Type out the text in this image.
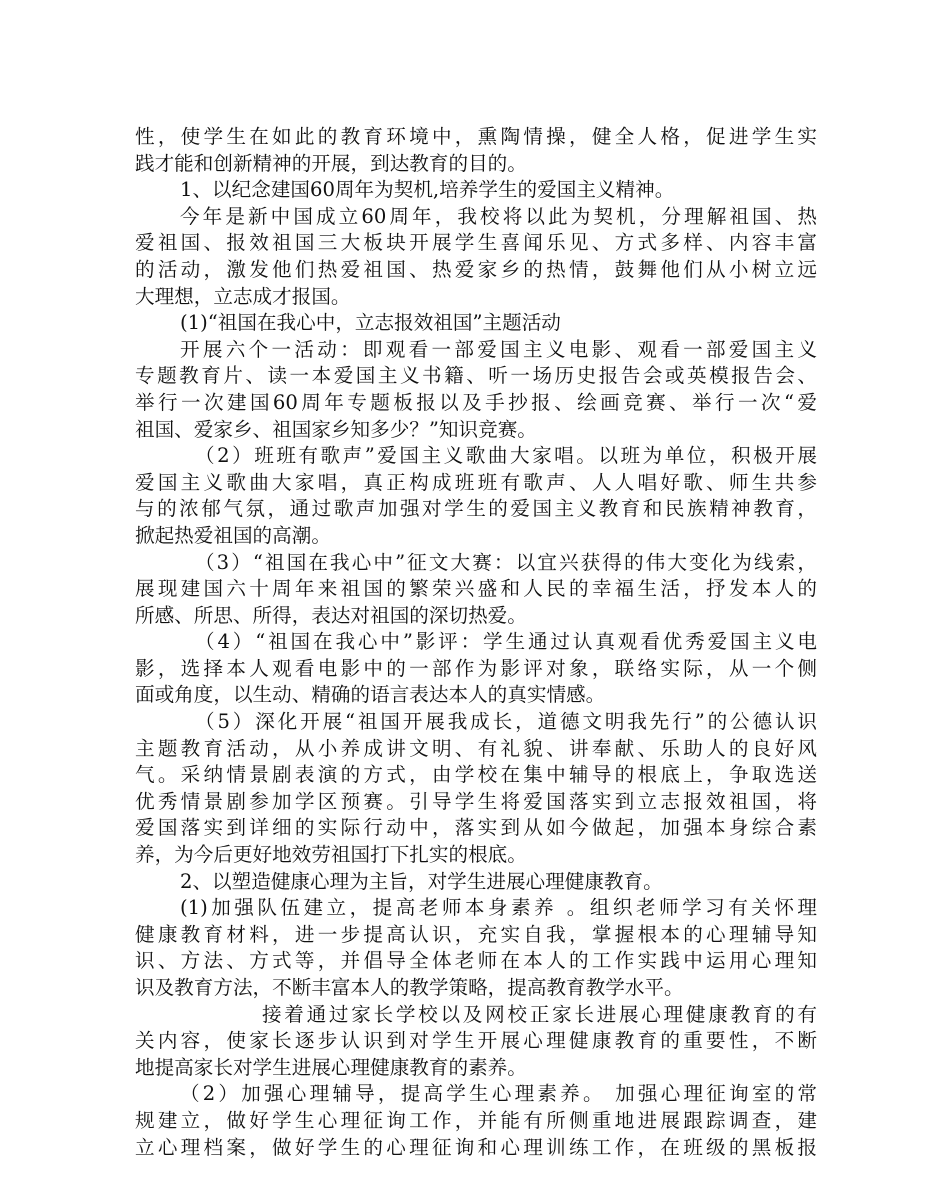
性，使学生在如此的教育环境中，熏陶情操，健全人格，促进学生实
践才能和创新精神的开展，到达教育的目的。
1、以纪念建国60周年为契机,培养学生的爱国主义精神。
今年是新中国成立60周年，我校将以此为契机，分理解祖国、热
爱祖国、报效祖国三大板块开展学生喜闻乐见、方式多样、内容丰富
的活动，激发他们热爱祖国、热爱家乡的热情，鼓舞他们从小树立远
大理想，立志成才报国。
(1)“祖国在我心中，立志报效祖国”主题活动
开展六个一活动：即观看一部爱国主义电影、观看一部爱国主义
专题教育片、读一本爱国主义书籍、听一场历史报告会或英模报告会、
举行一次建国60周年专题板报以及手抄报、绘画竞赛、举行一次“爱
祖国、爱家乡、祖国家乡知多少？”知识竞赛。
（2）班班有歌声”爱国主义歌曲大家唱。以班为单位，积极开展
爱国主义歌曲大家唱，真正构成班班有歌声、人人唱好歌、师生共参
与的浓郁气氛，通过歌声加强对学生的爱国主义教育和民族精神教育，
掀起热爱祖国的高潮。
（3）“祖国在我心中”征文大赛：以宜兴获得的伟大变化为线索，
展现建国六十周年来祖国的繁荣兴盛和人民的幸福生活，抒发本人的
所感、所思、所得，表达对祖国的深切热爱。
（4）“祖国在我心中”影评：学生通过认真观看优秀爱国主义电
影，选择本人观看电影中的一部作为影评对象，联络实际，从一个侧
面或角度，以生动、精确的语言表达本人的真实情感。
（5）深化开展“祖国开展我成长，道德文明我先行”的公德认识
主题教育活动，从小养成讲文明、有礼貌、讲奉献、乐助人的良好风
气。采纳情景剧表演的方式，由学校在集中辅导的根底上，争取选送
优秀情景剧参加学区预赛。引导学生将爱国落实到立志报效祖国，将
爱国落实到详细的实际行动中，落实到从如今做起，加强本身综合素
养，为今后更好地效劳祖国打下扎实的根底。
2、以塑造健康心理为主旨，对学生进展心理健康教育。
(1)加强队伍建立，提高老师本身素养 。组织老师学习有关怀理
健康教育材料，进一步提高认识，充实自我，掌握根本的心理辅导知
识、方法、方式等，并倡导全体老师在本人的工作实践中运用心理知
识及教育方法，不断丰富本人的教学策略，提高教育教学水平。
接着通过家长学校以及网校正家长进展心理健康教育的有
关内容，使家长逐步认识到对学生开展心理健康教育的重要性，不断
地提高家长对学生进展心理健康教育的素养。
（2）加强心理辅导，提高学生心理素养。 加强心理征询室的常
规建立，做好学生心理征询工作，并能有所侧重地进展跟踪调查，建
立心理档案，做好学生的心理征询和心理训练工作，在班级的黑板报
